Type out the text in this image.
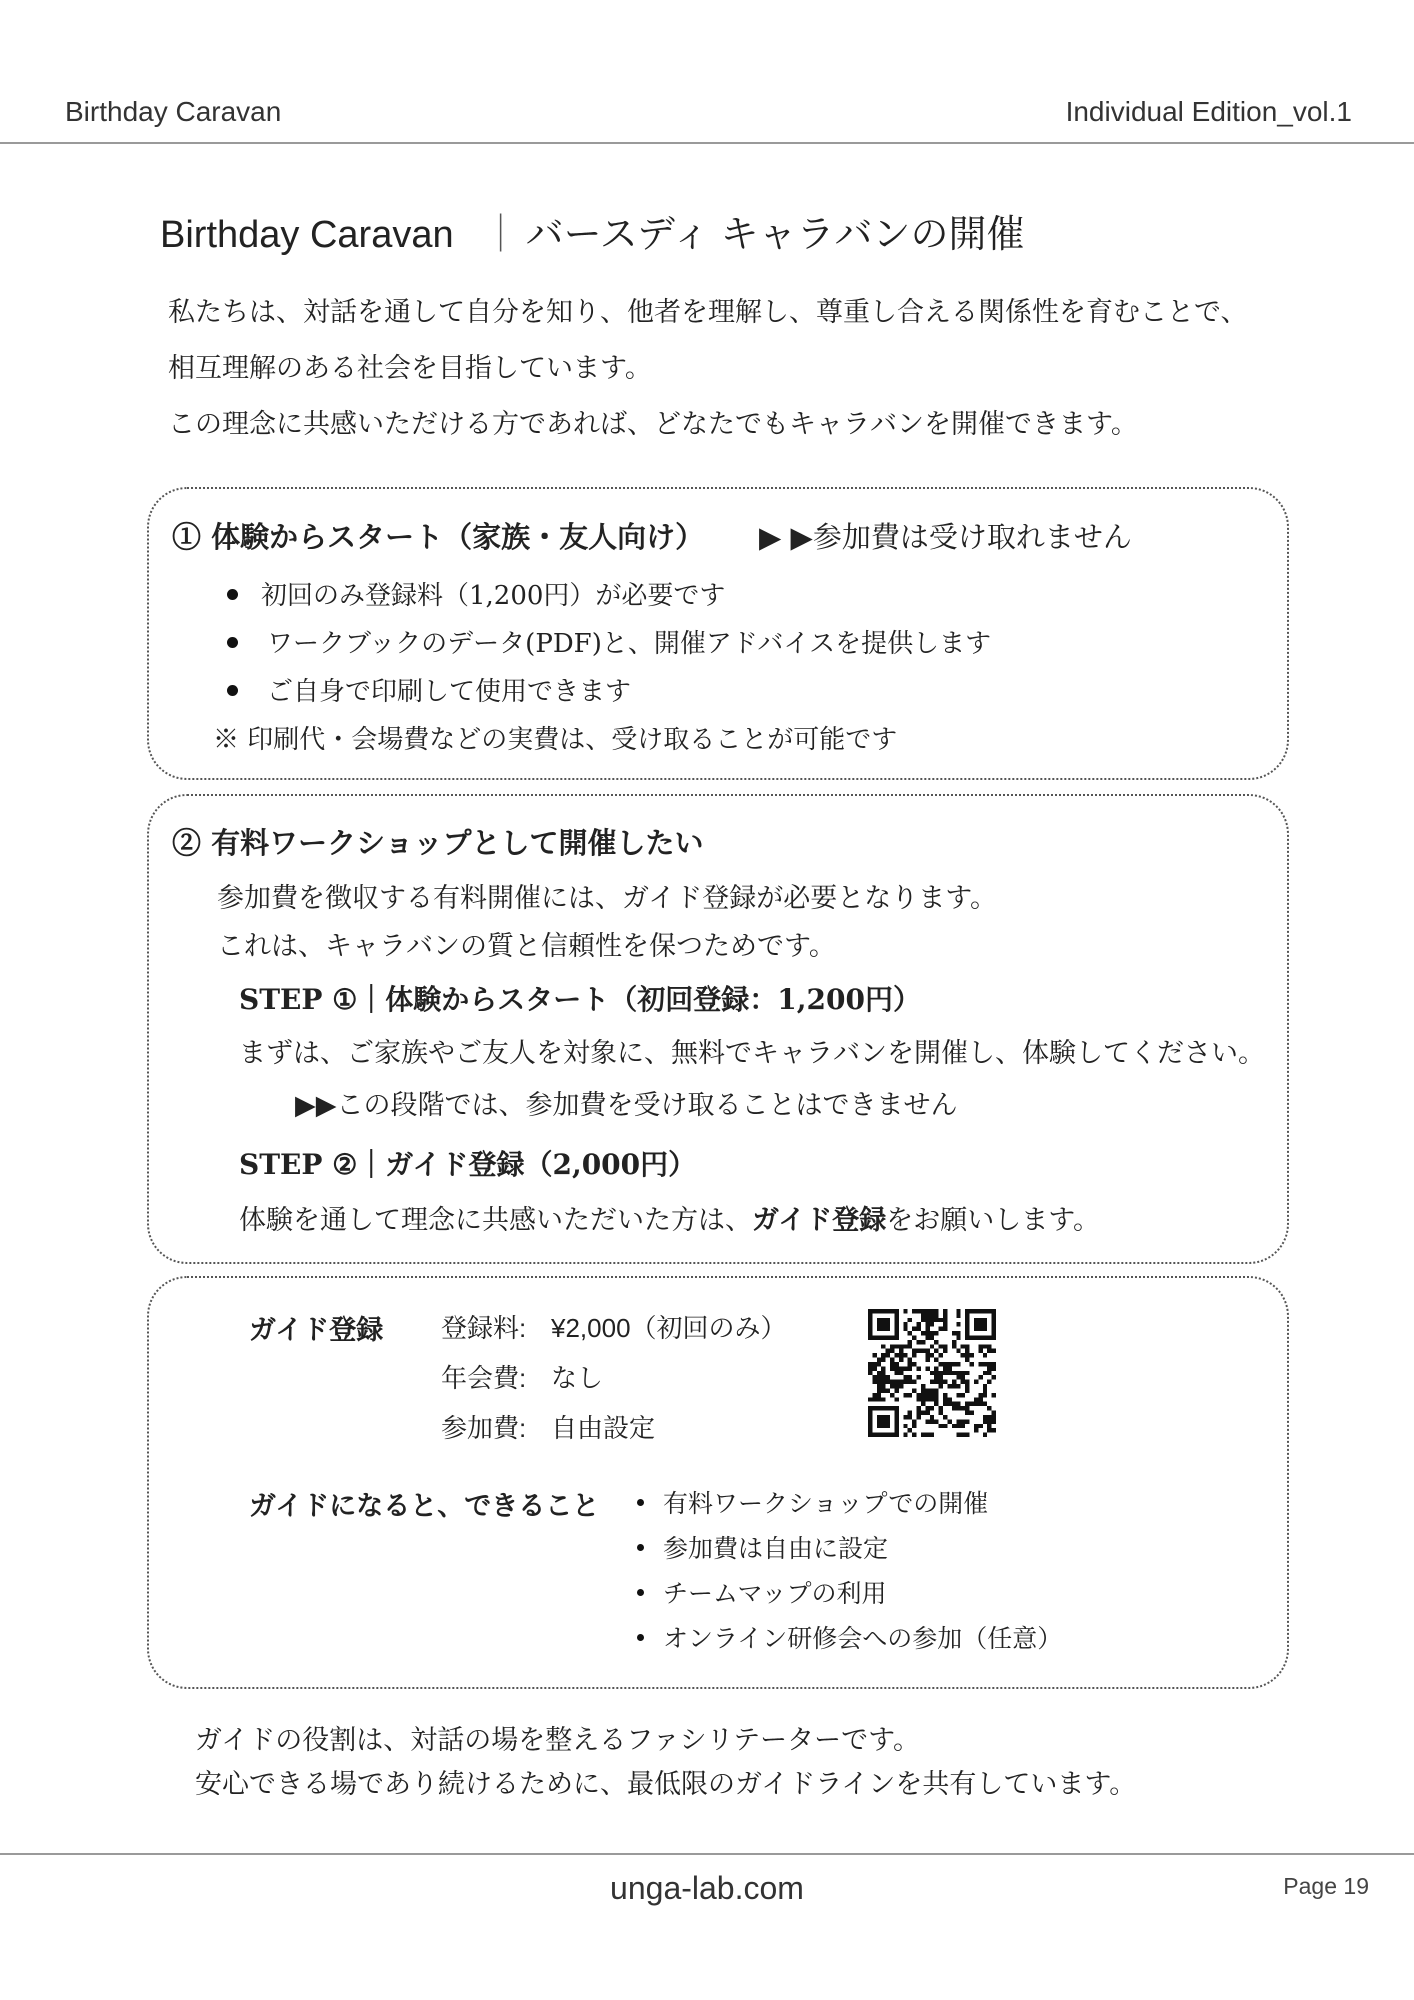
Birthday Caravan	Individual Edition_vol.1
Birthday Caravan ｜ バースディ キャラバンの開催
私たちは、対話を通して自分を知り、他者を理解し、尊重し合える関係性を育むことで、
相互理解のある社会を目指しています。
この理念に共感いただける方であれば、どなたでもキャラバンを開催できます。
① 体験からスタート（家族・友人向け） ▶ ▶参加費は受け取れません
初回のみ登録料（1,200円）が必要です
ワークブックのデータ(PDF)と、開催アドバイスを提供します
ご自身で印刷して使用できます
※ 印刷代・会場費などの実費は、受け取ることが可能です
② 有料ワークショップとして開催したい
参加費を徴収する有料開催には、ガイド登録が必要となります。
これは、キャラバンの質と信頼性を保つためです。
STEP ①｜体験からスタート（初回登録：1,200円）
まずは、ご家族やご友人を対象に、無料でキャラバンを開催し、体験してください。
▶▶この段階では、参加費を受け取ることはできません
STEP ②｜ガイド登録（2,000円）
体験を通して理念に共感いただいた方は、ガイド登録をお願いします。
ガイド登録 登録料: ¥2,000（初回のみ）
年会費: なし
参加費: 自由設定
ガイドになると、できること	有料ワークショップでの開催
参加費は自由に設定
チームマップの利用
オンライン研修会への参加（任意）
ガイドの役割は、対話の場を整えるファシリテーターです。
安心できる場であり続けるために、最低限のガイドラインを共有しています。
unga-lab.com	Page 19
